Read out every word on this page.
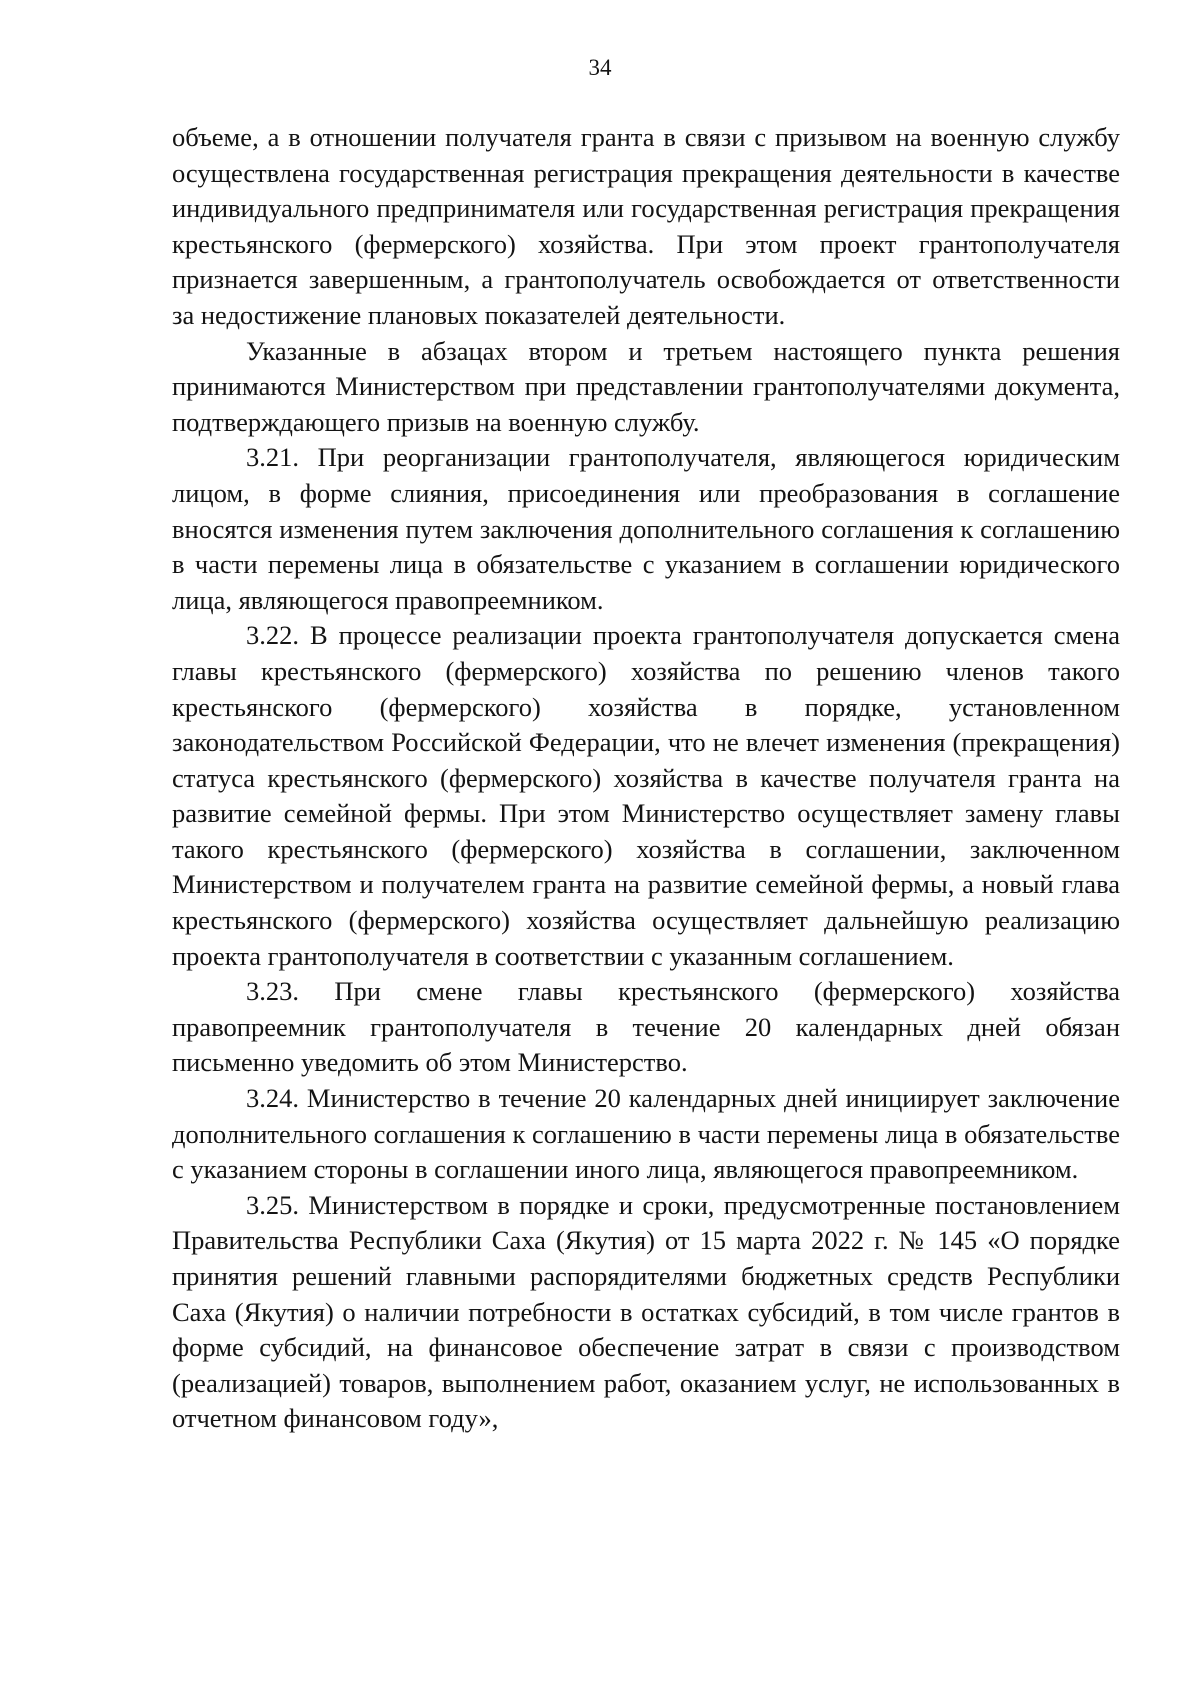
34

объеме, а в отношении получателя гранта в связи с призывом на военную службу осуществлена государственная регистрация прекращения деятельности в качестве индивидуального предпринимателя или государственная регистрация прекращения крестьянского (фермерского) хозяйства. При этом проект грантополучателя признается завершенным, а грантополучатель освобождается от ответственности за недостижение плановых показателей деятельности.

Указанные в абзацах втором и третьем настоящего пункта решения принимаются Министерством при представлении грантополучателями документа, подтверждающего призыв на военную службу.

3.21. При реорганизации грантополучателя, являющегося юридическим лицом, в форме слияния, присоединения или преобразования в соглашение вносятся изменения путем заключения дополнительного соглашения к соглашению в части перемены лица в обязательстве с указанием в соглашении юридического лица, являющегося правопреемником.

3.22. В процессе реализации проекта грантополучателя допускается смена главы крестьянского (фермерского) хозяйства по решению членов такого крестьянского (фермерского) хозяйства в порядке, установленном законодательством Российской Федерации, что не влечет изменения (прекращения) статуса крестьянского (фермерского) хозяйства в качестве получателя гранта на развитие семейной фермы. При этом Министерство осуществляет замену главы такого крестьянского (фермерского) хозяйства в соглашении, заключенном Министерством и получателем гранта на развитие семейной фермы, а новый глава крестьянского (фермерского) хозяйства осуществляет дальнейшую реализацию проекта грантополучателя в соответствии с указанным соглашением.

3.23. При смене главы крестьянского (фермерского) хозяйства правопреемник грантополучателя в течение 20 календарных дней обязан письменно уведомить об этом Министерство.

3.24. Министерство в течение 20 календарных дней инициирует заключение дополнительного соглашения к соглашению в части перемены лица в обязательстве с указанием стороны в соглашении иного лица, являющегося правопреемником.

3.25. Министерством в порядке и сроки, предусмотренные постановлением Правительства Республики Саха (Якутия) от 15 марта 2022 г. № 145 «О порядке принятия решений главными распорядителями бюджетных средств Республики Саха (Якутия) о наличии потребности в остатках субсидий, в том числе грантов в форме субсидий, на финансовое обеспечение затрат в связи с производством (реализацией) товаров, выполнением работ, оказанием услуг, не использованных в отчетном финансовом году»,
